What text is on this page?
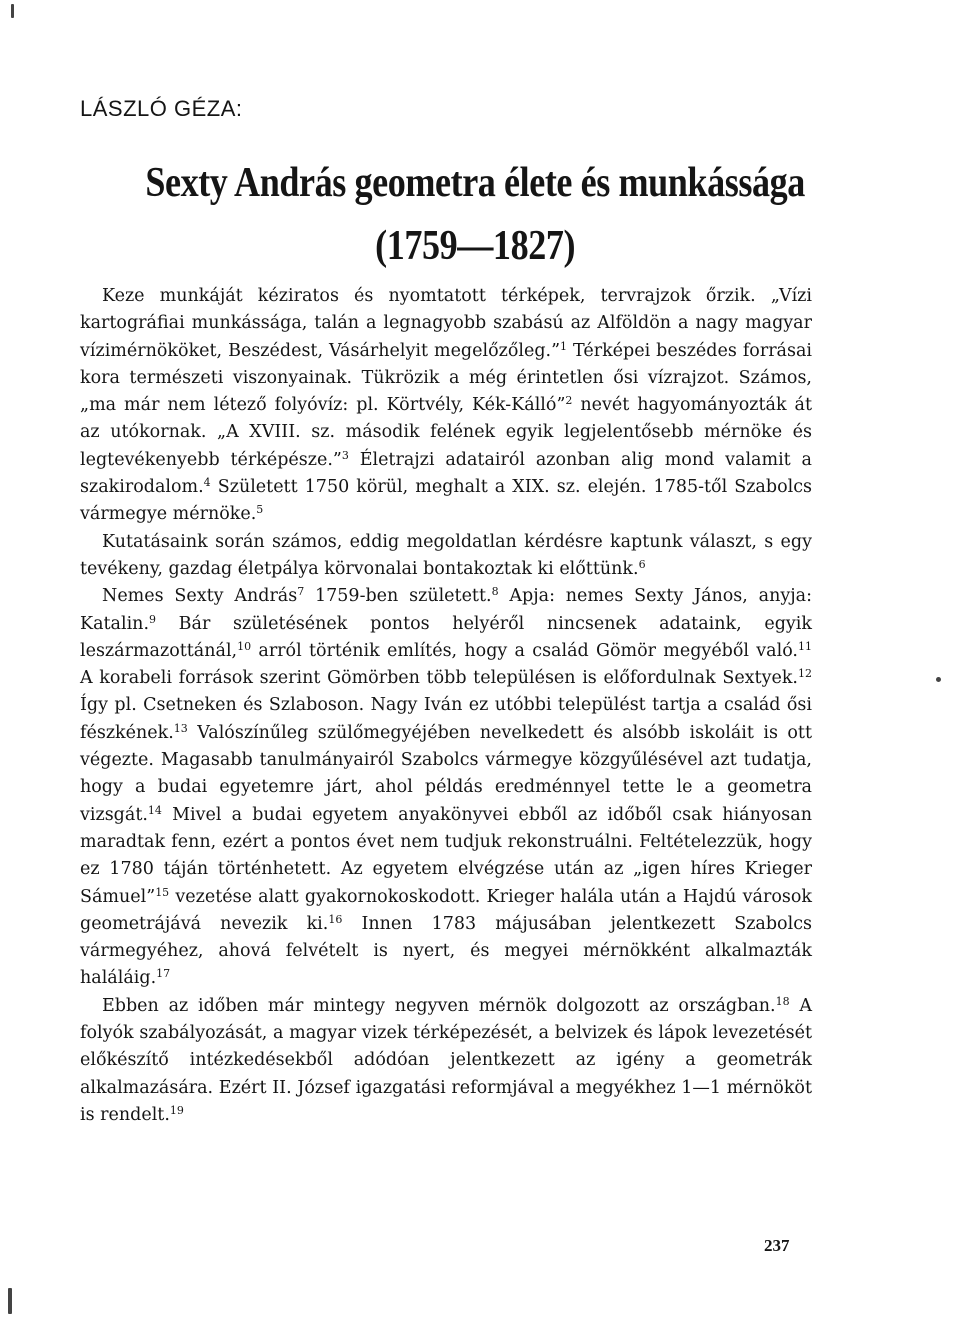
LÁSZLÓ GÉZA:
Sexty András geometra élete és munkássága
(1759—1827)

Keze munkáját kéziratos és nyomtatott térképek, tervrajzok őrzik. „Vízi kartográfiai munkássága, talán a legnagyobb szabású az Alföldön a nagy magyar vízimérnököket, Beszédest, Vásárhelyit megelőzőleg.”$^1$ Térképei beszédes forrásai kora természeti viszonyainak. Tükrözik a még érintetlen ősi vízrajzot. Számos, „ma már nem létező folyóvíz: pl. Körtvély, Kék-Kálló”$^2$ nevét hagyományozták át az utókornak. „A XVIII. sz. második felének egyik legjelentősebb mérnöke és legtevékenyebb térképésze.”$^3$ Életrajzi adatairól azonban alig mond valamit a szakirodalom.$^4$ Született 1750 körül, meghalt a XIX. sz. elején. 1785-től Szabolcs vármegye mérnöke.$^5$

Kutatásaink során számos, eddig megoldatlan kérdésre kaptunk választ, s egy tevékeny, gazdag életpálya körvonalai bontakoztak ki előttünk.$^6$

Nemes Sexty András$^7$ 1759-ben született.$^8$ Apja: nemes Sexty János, anyja: Katalin.$^9$ Bár születésének pontos helyéről nincsenek adataink, egyik leszármazottánál,$^{10}$ arról történik említés, hogy a család Gömör megyéből való.$^{11}$ A korabeli források szerint Gömörben több településen is előfordulnak Sextyek.$^{12}$ Így pl. Csetneken és Szlaboson. Nagy Iván ez utóbbi települést tartja a család ősi fészkének.$^{13}$ Valószínűleg szülőmegyéjében nevelkedett és alsóbb iskoláit is ott végezte. Magasabb tanulmányairól Szabolcs vármegye közgyűlésével azt tudatja, hogy a budai egyetemre járt, ahol példás eredménnyel tette le a geometra vizsgát.$^{14}$ Mivel a budai egyetem anyakönyvei ebből az időből csak hiányosan maradtak fenn, ezért a pontos évet nem tudjuk rekonstruálni. Feltételezzük, hogy ez 1780 táján történhetett. Az egyetem elvégzése után az „igen híres Krieger Sámuel”$^{15}$ vezetése alatt gyakornokoskodott. Krieger halála után a Hajdú városok geometrájává nevezik ki.$^{16}$ Innen 1783 májusában jelentkezett Szabolcs vármegyéhez, ahová felvételt is nyert, és megyei mérnökként alkalmazták haláláig.$^{17}$

Ebben az időben már mintegy negyven mérnök dolgozott az országban.$^{18}$ A folyók szabályozását, a magyar vizek térképezését, a belvizek és lápok levezetését előkészítő intézkedésekből adódóan jelentkezett az igény a geometrák alkalmazására. Ezért II. József igazgatási reformjával a megyékhez 1—1 mérnököt is rendelt.$^{19}$

237
